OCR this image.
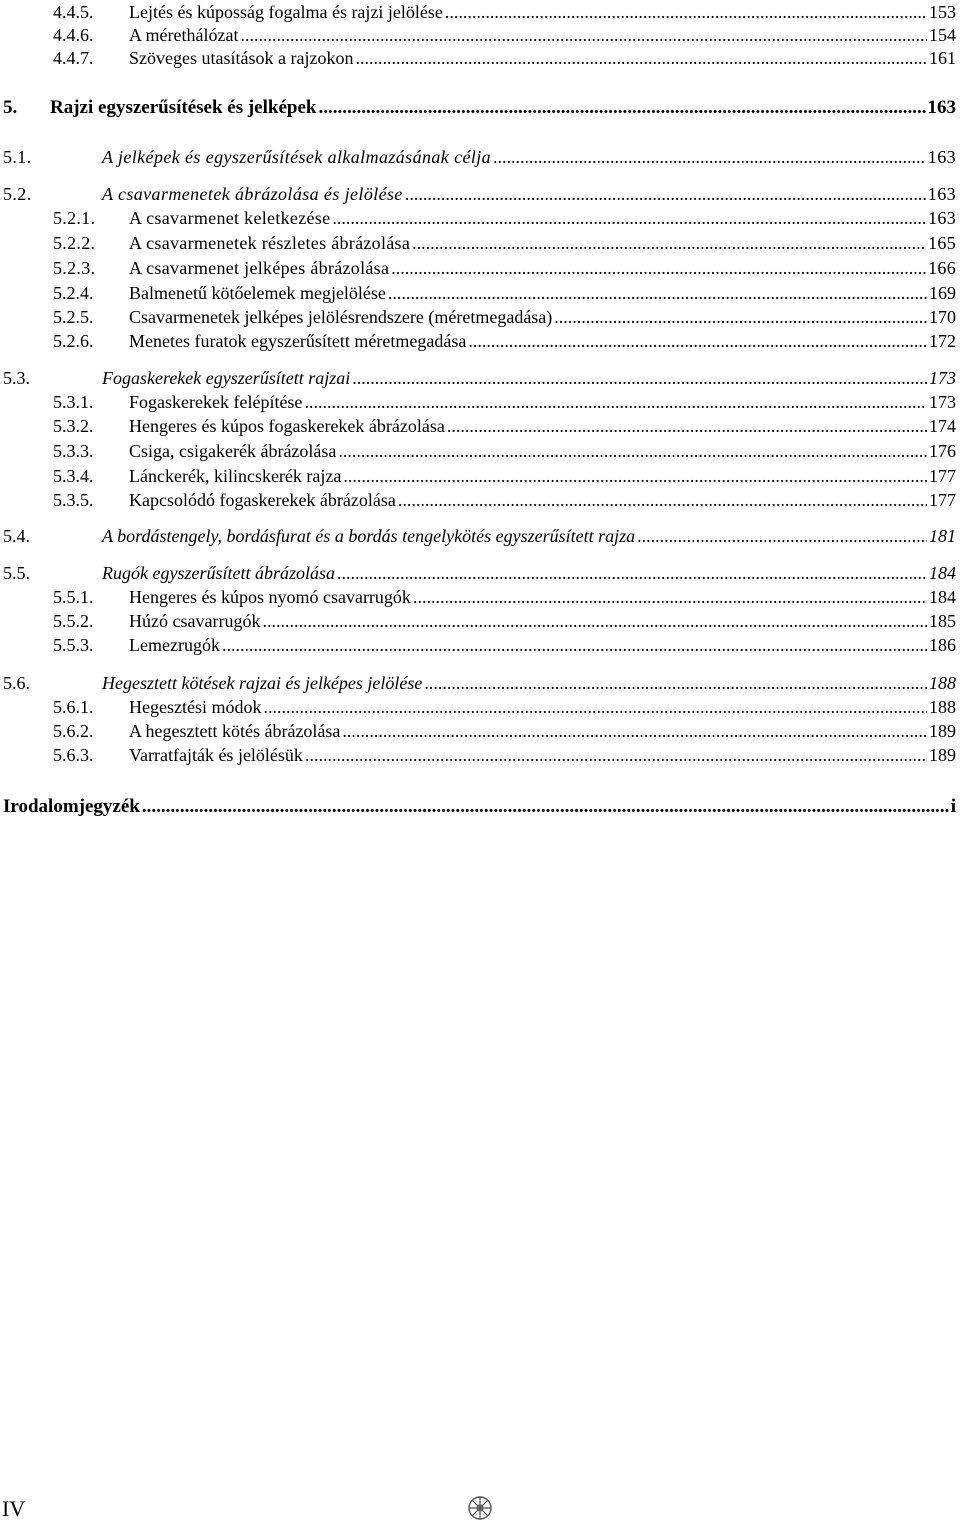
4.4.5.	Lejtés és kúposság fogalma és rajzi jelölése .....	153
4.4.6.	A mérethálózat .....	154
4.4.7.	Szöveges utasítások a rajzokon .....	161
5.	Rajzi egyszerűsítések és jelképek .....	163
5.1.	A jelképek és egyszerűsítések alkalmazásának célja .....	163
5.2.	A csavarmenetek ábrázolása és jelölése .....	163
5.2.1.	A csavarmenet keletkezése .....	163
5.2.2.	A csavarmenetek részletes ábrázolása .....	165
5.2.3.	A csavarmenet jelképes ábrázolása .....	166
5.2.4.	Balmenetű kötőelemek megjelölése .....	169
5.2.5.	Csavarmenetek jelképes jelölésrendszere (méretmegadása) .....	170
5.2.6.	Menetes furatok egyszerűsített méretmegadása .....	172
5.3.	Fogaskerekek egyszerűsített rajzai .....	173
5.3.1.	Fogaskerekek felépítése .....	173
5.3.2.	Hengeres és kúpos fogaskerekek ábrázolása .....	174
5.3.3.	Csiga, csigakerék ábrázolása .....	176
5.3.4.	Lánckerék, kilincskerék rajza .....	177
5.3.5.	Kapcsolódó fogaskerekek ábrázolása .....	177
5.4.	A bordástengely, bordásfurat és a bordás tengelykötés egyszerűsített rajza .....	181
5.5.	Rugók egyszerűsített ábrázolása .....	184
5.5.1.	Hengeres és kúpos nyomó csavarrugók .....	184
5.5.2.	Húzó csavarrugók .....	185
5.5.3.	Lemezrugók .....	186
5.6.	Hegesztett kötések rajzai és jelképes jelölése .....	188
5.6.1.	Hegesztési módok .....	188
5.6.2.	A hegesztett kötés ábrázolása .....	189
5.6.3.	Varratfajták és jelölésük .....	189
Irodalomjegyzék .....	i
IV
